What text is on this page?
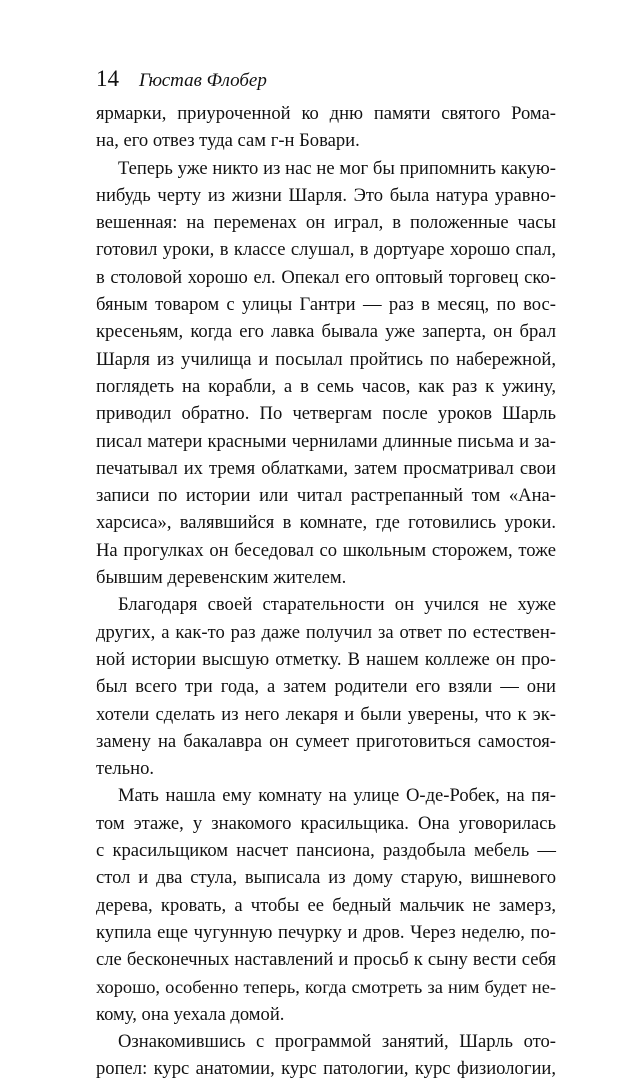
14 Гюстав Флобер
ярмарки, приуроченной ко дню памяти святого Рома-
на, его отвез туда сам г-н Бовари.
Теперь уже никто из нас не мог бы припомнить какую-
нибудь черту из жизни Шарля. Это была натура уравно-
вешенная: на переменах он играл, в положенные часы
готовил уроки, в классе слушал, в дортуаре хорошо спал,
в столовой хорошо ел. Опекал его оптовый торговец ско-
бяным товаром с улицы Гантри — раз в месяц, по вос-
кресеньям, когда его лавка бывала уже заперта, он брал
Шарля из училища и посылал пройтись по набережной,
поглядеть на корабли, а в семь часов, как раз к ужину,
приводил обратно. По четвергам после уроков Шарль
писал матери красными чернилами длинные письма и за-
печатывал их тремя облатками, затем просматривал свои
записи по истории или читал растрепанный том «Ана-
харсиса», валявшийся в комнате, где готовились уроки.
На прогулках он беседовал со школьным сторожем, тоже
бывшим деревенским жителем.
Благодаря своей старательности он учился не хуже
других, а как-то раз даже получил за ответ по естествен-
ной истории высшую отметку. В нашем коллеже он про-
был всего три года, а затем родители его взяли — они
хотели сделать из него лекаря и были уверены, что к эк-
замену на бакалавра он сумеет приготовиться самостоя-
тельно.
Мать нашла ему комнату на улице О-де-Робек, на пя-
том этаже, у знакомого красильщика. Она уговорилась
с красильщиком насчет пансиона, раздобыла мебель —
стол и два стула, выписала из дому старую, вишневого
дерева, кровать, а чтобы ее бедный мальчик не замерз,
купила еще чугунную печурку и дров. Через неделю, по-
сле бесконечных наставлений и просьб к сыну вести себя
хорошо, особенно теперь, когда смотреть за ним будет не-
кому, она уехала домой.
Ознакомившись с программой занятий, Шарль ото-
ропел: курс анатомии, курс патологии, курс физиологии,
